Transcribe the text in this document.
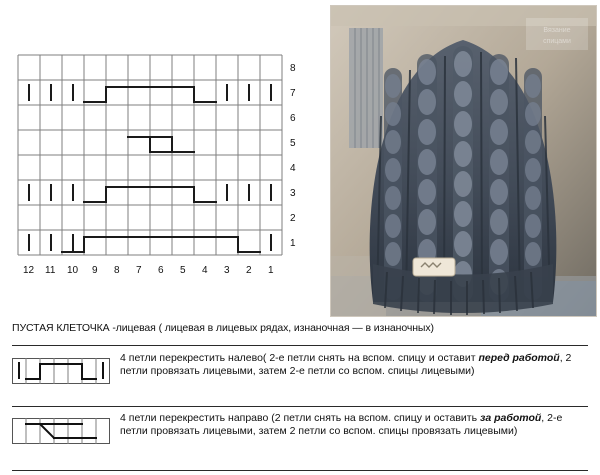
8
7
6
5
4
3
2
1
12 11 10 9 8 7 6 5 4 3 2 1
Вязание
спицами
ПУСТАЯ КЛЕТОЧКА -лицевая ( лицевая в лицевых рядах, изнаночная — в изнаночных)
4 петли перекрестить налево( 2-е петли снять на вспом. спицу и оставит перед работой, 2 петли провязать лицевыми, затем 2-е петли со вспом. спицы лицевыми)
4 петли перекрестить направо (2 петли снять на вспом. спицу и оставить за работой, 2-е петли провязать лицевыми, затем 2 петли со вспом. спицы провязать лицевыми)
